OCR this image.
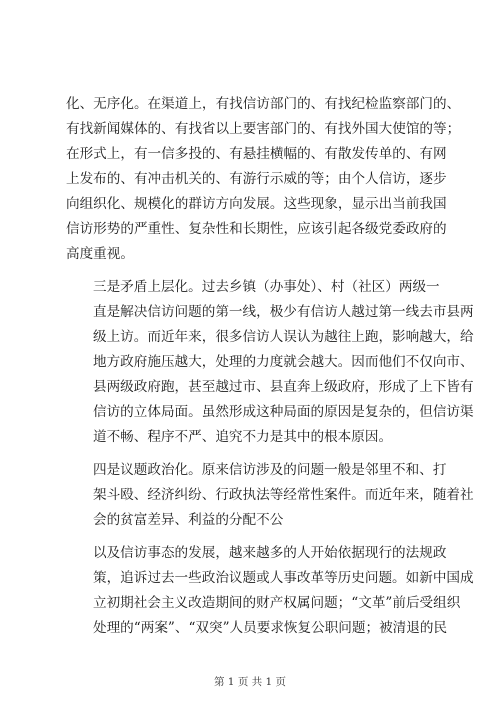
化、无序化。在渠道上，有找信访部门的、有找纪检监察部门的、
有找新闻媒体的、有找省以上要害部门的、有找外国大使馆的等；
在形式上，有一信多投的、有悬挂横幅的、有散发传单的、有网
上发布的、有冲击机关的、有游行示威的等；由个人信访，逐步
向组织化、规模化的群访方向发展。这些现象，显示出当前我国
信访形势的严重性、复杂性和长期性，应该引起各级党委政府的
高度重视。

三是矛盾上层化。过去乡镇（办事处）、村（社区）两级一
直是解决信访问题的第一线，极少有信访人越过第一线去市县两
级上访。而近年来，很多信访人误认为越往上跑，影响越大，给
地方政府施压越大，处理的力度就会越大。因而他们不仅向市、
县两级政府跑，甚至越过市、县直奔上级政府，形成了上下皆有
信访的立体局面。虽然形成这种局面的原因是复杂的，但信访渠
道不畅、程序不严、追究不力是其中的根本原因。

四是议题政治化。原来信访涉及的问题一般是邻里不和、打
架斗殴、经济纠纷、行政执法等经常性案件。而近年来，随着社
会的贫富差异、利益的分配不公

以及信访事态的发展，越来越多的人开始依据现行的法规政
策，追诉过去一些政治议题或人事改革等历史问题。如新中国成
立初期社会主义改造期间的财产权属问题；“文革”前后受组织
处理的“两案”、“双突”人员要求恢复公职问题；被清退的民

第 1 页 共 1 页
